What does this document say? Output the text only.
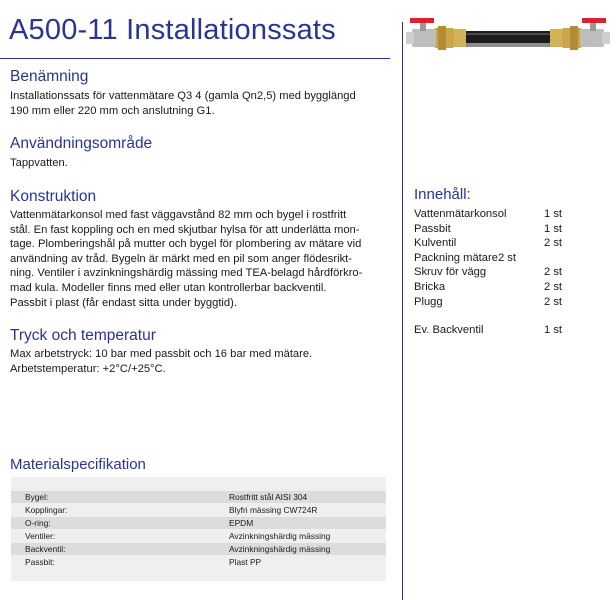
A500-11 Installationssats
Benämning
Installationssats för vattenmätare Q3 4 (gamla Qn2,5) med bygglängd
190 mm eller 220 mm och anslutning G1.
Användningsområde
Tappvatten.
Konstruktion
Vattenmätarkonsol med fast väggavstånd 82 mm och bygel i rostfritt
stål. En fast koppling och en med skjutbar hylsa för att underlätta mon-
tage. Plomberingshål på mutter och bygel för plombering av mätare vid
användning av tråd. Bygeln är märkt med en pil som anger flödesrikt-
ning. Ventiler i avzinkningshärdig mässing med TEA-belagd hårdförkro-
mad kula. Modeller finns med eller utan kontrollerbar backventil.
Passbit i plast (får endast sitta under byggtid).
Tryck och temperatur
Max arbetstryck: 10 bar med passbit och 16 bar med mätare.
Arbetstemperatur: +2°C/+25°C.
Innehåll:
Vattenmätarkonsol	1 st
Passbit	1 st
Kulventil	2 st
Packning mätare2 st
Skruv för vägg	2 st
Bricka	2 st
Plugg	2 st
Ev. Backventil	1 st
Materialspecifikation
Bygel:	Rostfritt stål AISI 304
Kopplingar:	Blyfri mässing CW724R
O-ring:	EPDM
Ventiler:	Avzinkningshärdig mässing
Backventil:	Avzinkningshärdig mässing
Passbit:	Plast PP
